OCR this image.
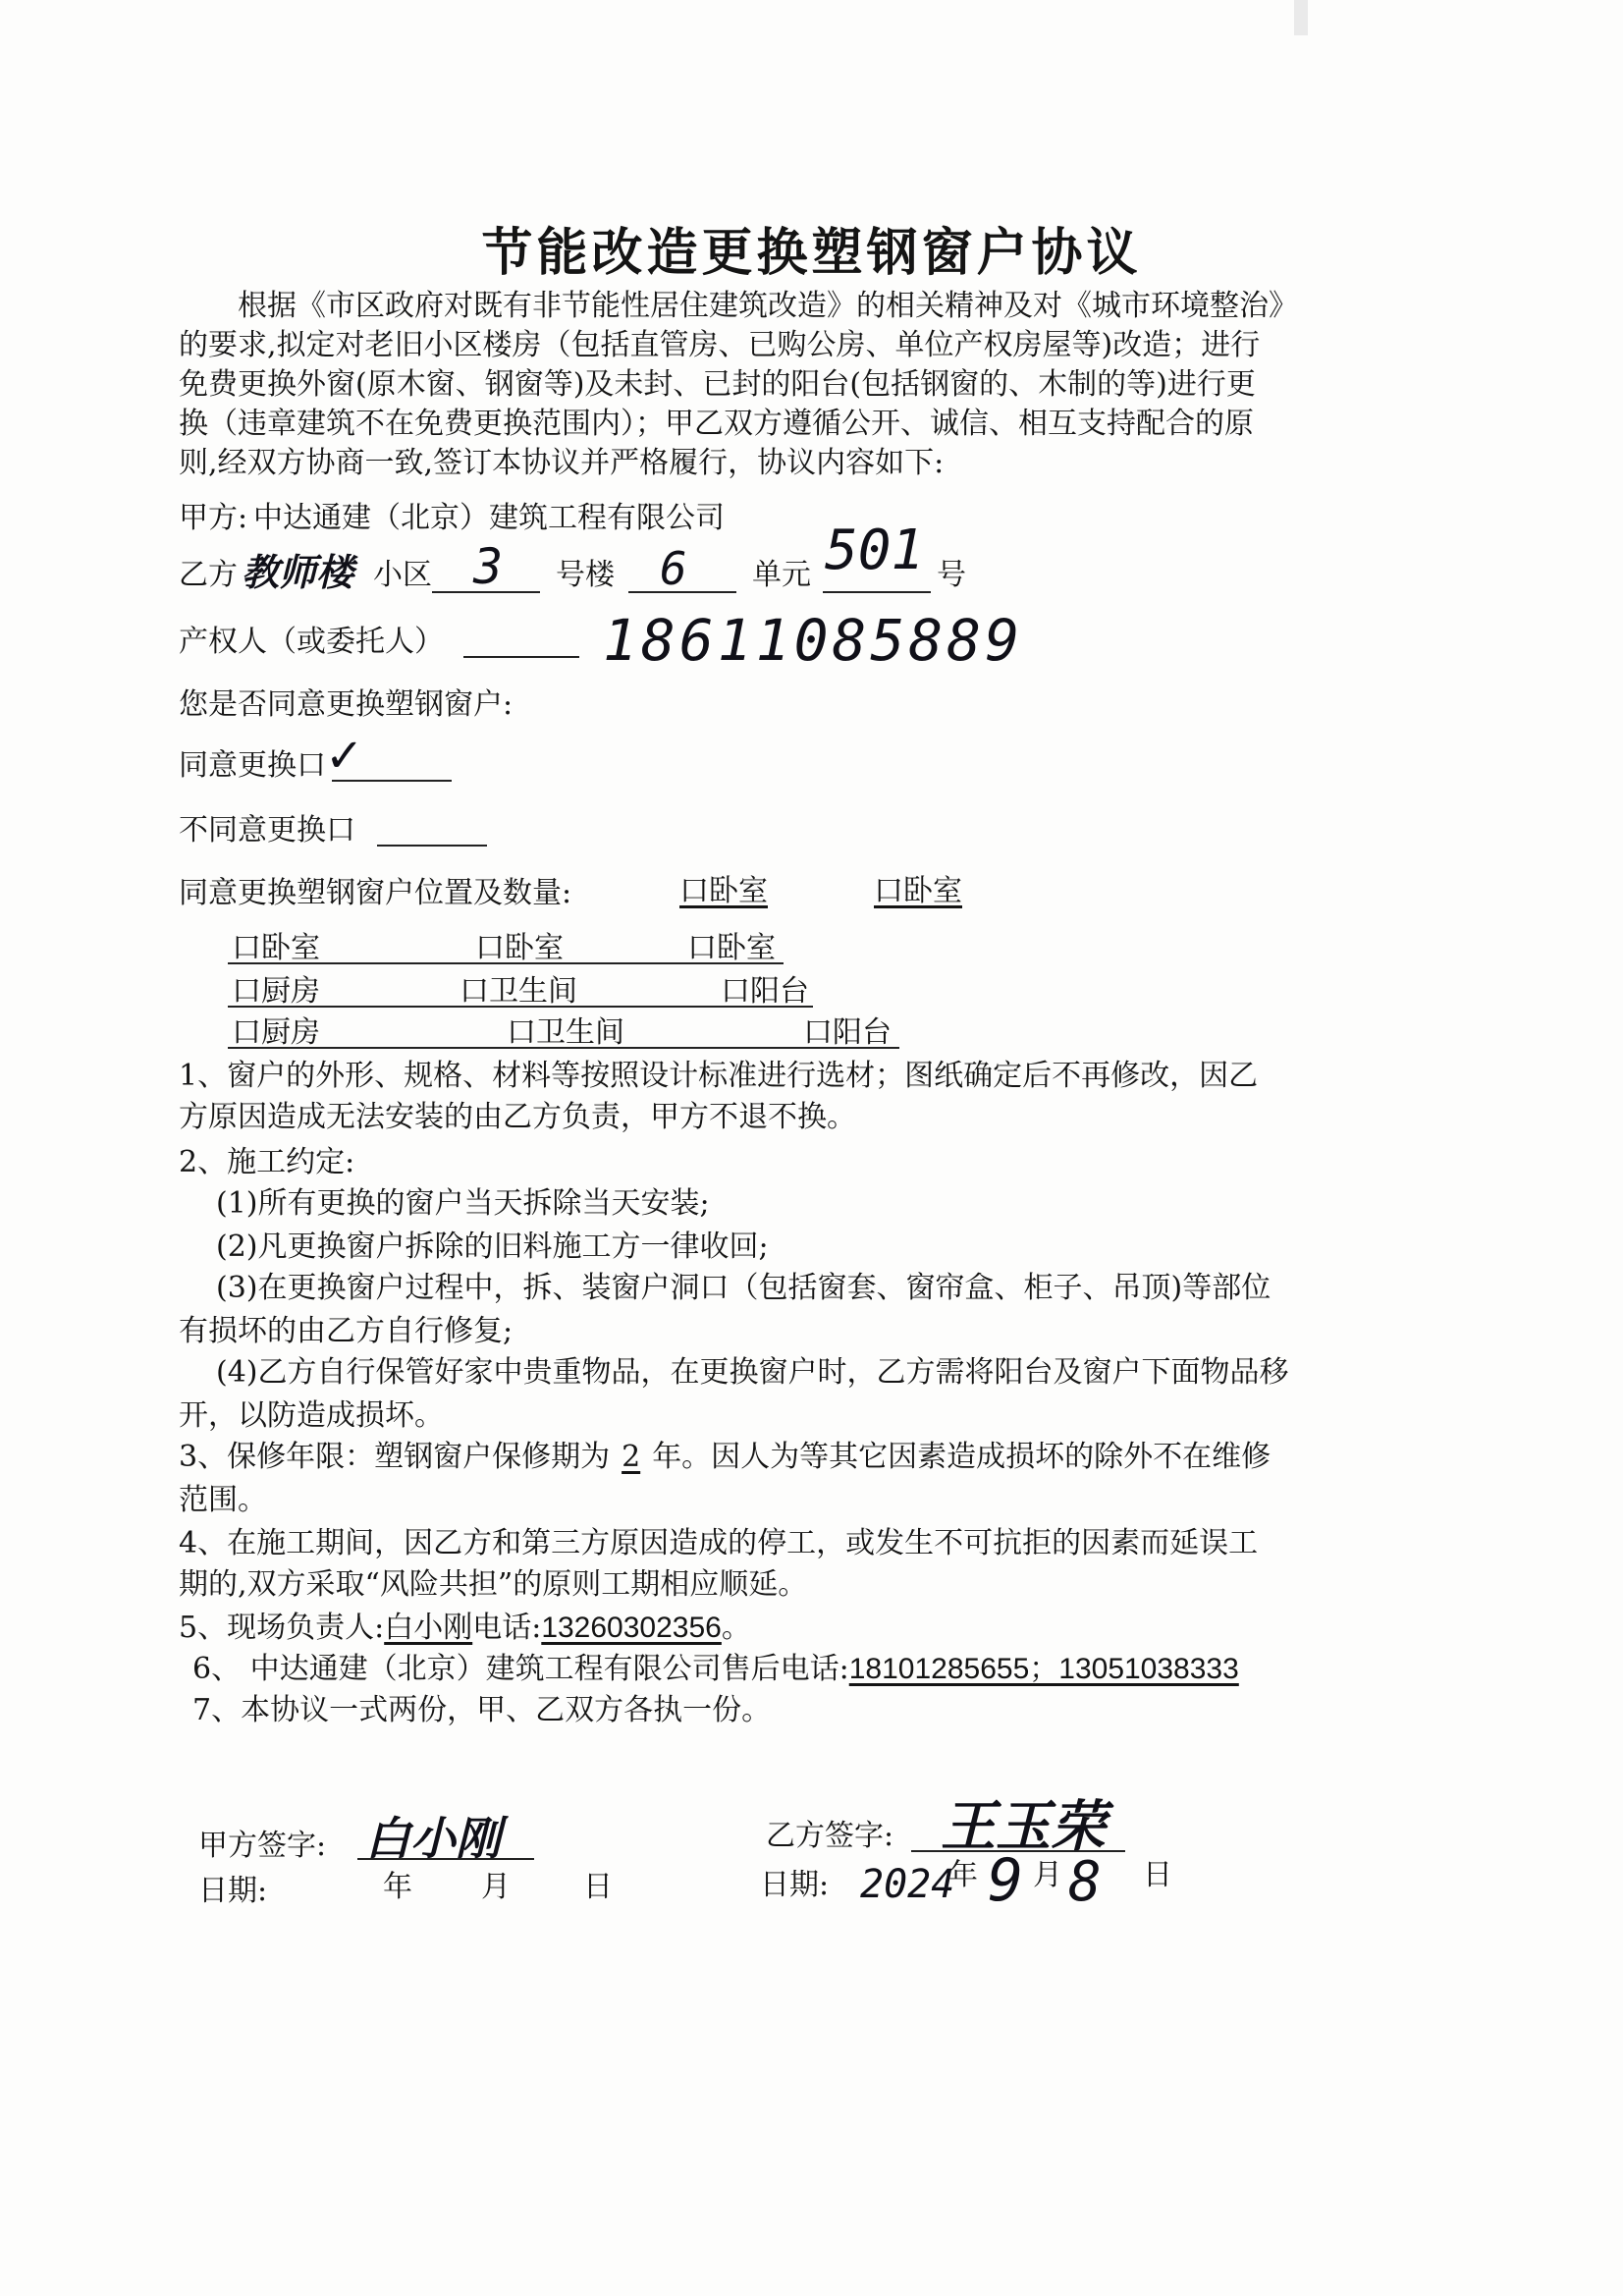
节能改造更换塑钢窗户协议
根据《市区政府对既有非节能性居住建筑改造》的相关精神及对《城市环境整治》
的要求,拟定对老旧小区楼房（包括直管房、已购公房、单位产权房屋等)改造；进行
免费更换外窗(原木窗、钢窗等)及未封、已封的阳台(包括钢窗的、木制的等)进行更
换（违章建筑不在免费更换范围内）；甲乙双方遵循公开、诚信、相互支持配合的原
则,经双方协商一致,签订本协议并严格履行，协议内容如下:
甲方: 中达通建（北京）建筑工程有限公司
乙方 教师楼 小区 3 号楼 6 单元 501 号
产权人（或委托人）	18611085889
您是否同意更换塑钢窗户:
同意更换口 ✓
不同意更换口
同意更换塑钢窗户位置及数量:	口卧室	口卧室
口卧室	口卧室	口卧室
口厨房	口卫生间	口阳台
口厨房	口卫生间	口阳台
1、窗户的外形、规格、材料等按照设计标准进行选材；图纸确定后不再修改，因乙
方原因造成无法安装的由乙方负责，甲方不退不换。
2、施工约定:
(1)所有更换的窗户当天拆除当天安装;
(2)凡更换窗户拆除的旧料施工方一律收回;
(3)在更换窗户过程中，拆、装窗户洞口（包括窗套、窗帘盒、柜子、吊顶)等部位
有损坏的由乙方自行修复;
(4)乙方自行保管好家中贵重物品，在更换窗户时，乙方需将阳台及窗户下面物品移
开，以防造成损坏。
3、保修年限：塑钢窗户保修期为 2 年。因人为等其它因素造成损坏的除外不在维修
范围。
4、在施工期间，因乙方和第三方原因造成的停工，或发生不可抗拒的因素而延误工
期的,双方采取“风险共担”的原则工期相应顺延。
5、现场负责人:白小刚电话:13260302356。
6、 中达通建（北京）建筑工程有限公司售后电话:18101285655；13051038333
7、本协议一式两份，甲、乙双方各执一份。
甲方签字: 白小刚
日期:	年 月 日
乙方签字: 王玉荣
日期: 2024
年 9 月 8 日
